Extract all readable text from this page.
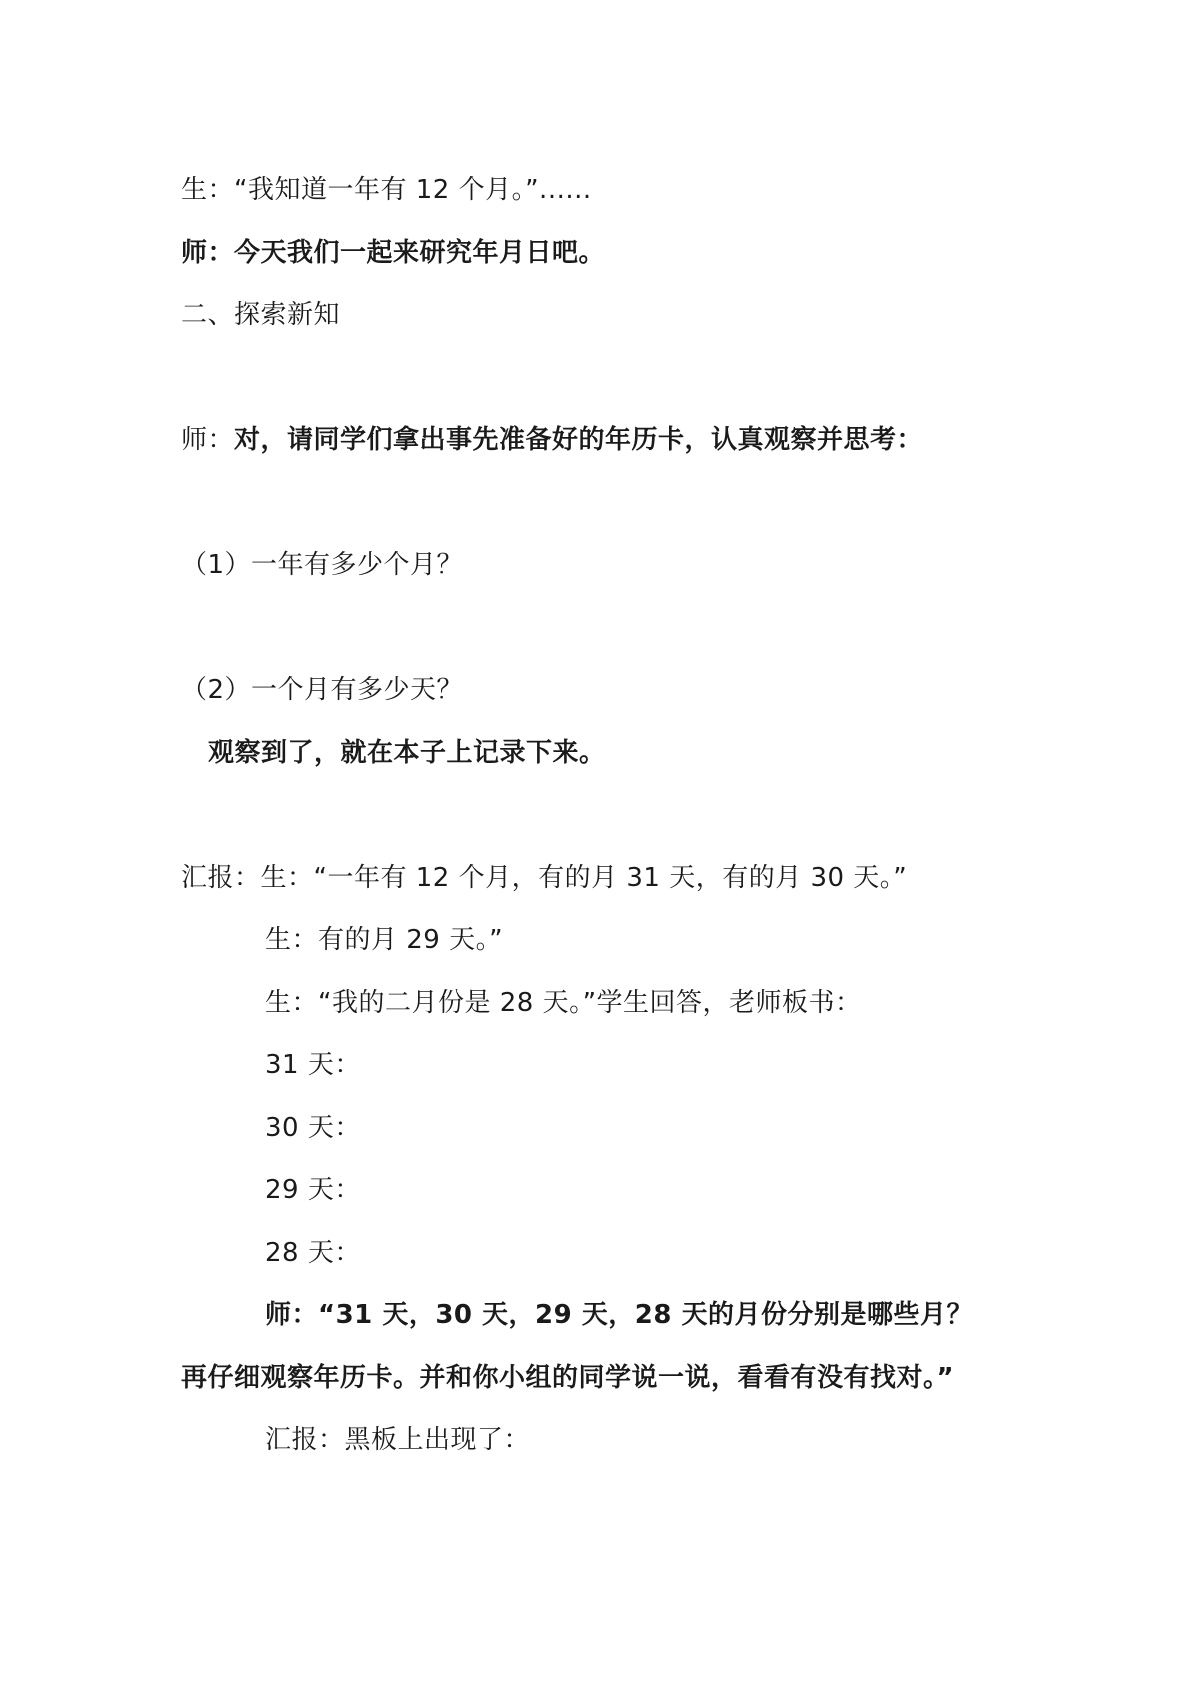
生：“我知道一年有 12 个月。”......
师：今天我们一起来研究年月日吧。
二、探索新知
师：对，请同学们拿出事先准备好的年历卡，认真观察并思考：
（1）一年有多少个月？
（2）一个月有多少天？
观察到了，就在本子上记录下来。
汇报：生：“一年有 12 个月，有的月 31 天，有的月 30 天。”
生：有的月 29 天。”
生：“我的二月份是 28 天。”学生回答，老师板书：
31 天：
30 天：
29 天：
28 天：
师：“31 天，30 天，29 天，28 天的月份分别是哪些月？
再仔细观察年历卡。并和你小组的同学说一说，看看有没有找对。”
汇报：黑板上出现了：
